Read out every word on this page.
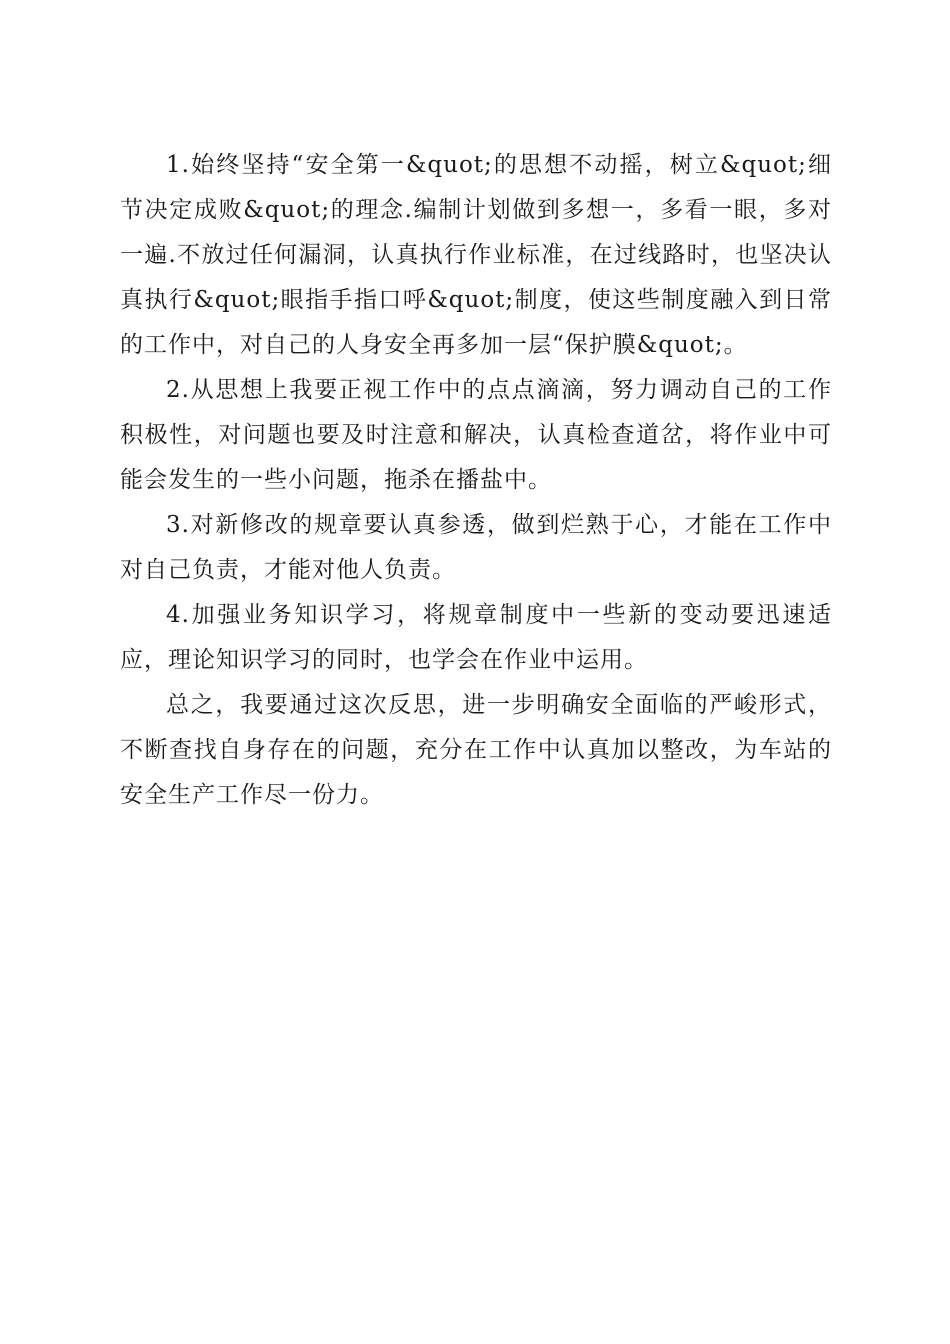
1.始终坚持“安全第一&quot;的思想不动摇，树立&quot;细节决定成败&quot;的理念.编制计划做到多想一，多看一眼，多对一遍.不放过任何漏洞，认真执行作业标准，在过线路时，也坚决认真执行&quot;眼指手指口呼&quot;制度，使这些制度融入到日常的工作中，对自己的人身安全再多加一层“保护膜&quot;。

2.从思想上我要正视工作中的点点滴滴，努力调动自己的工作积极性，对问题也要及时注意和解决，认真检查道岔，将作业中可能会发生的一些小问题，拖杀在播盐中。

3.对新修改的规章要认真参透，做到烂熟于心，才能在工作中对自己负责，才能对他人负责。

4.加强业务知识学习，将规章制度中一些新的变动要迅速适应，理论知识学习的同时，也学会在作业中运用。

总之，我要通过这次反思，进一步明确安全面临的严峻形式，不断查找自身存在的问题，充分在工作中认真加以整改，为车站的安全生产工作尽一份力。
